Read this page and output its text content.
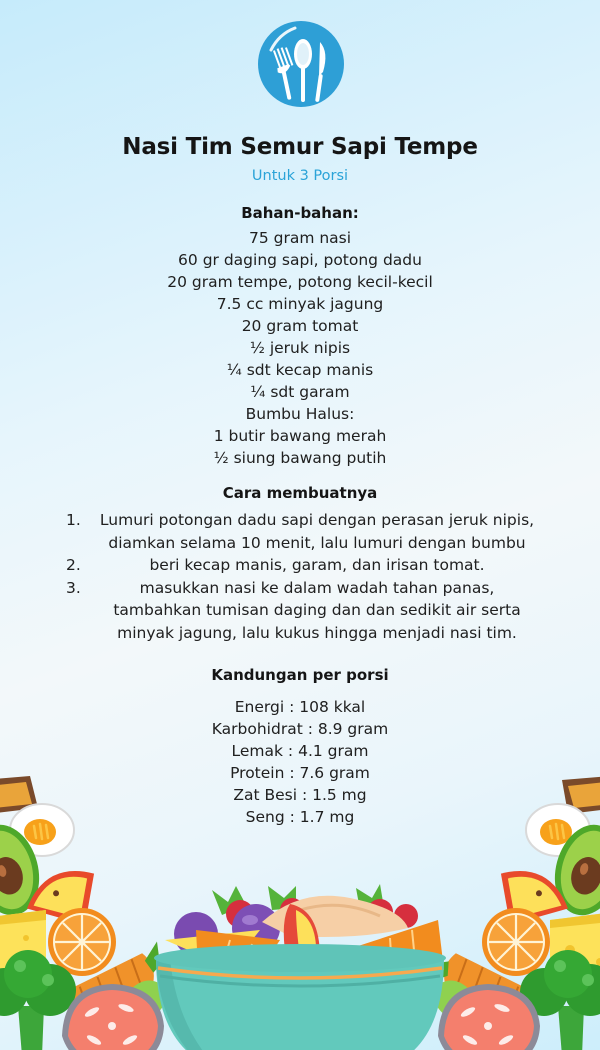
Nasi Tim Semur Sapi Tempe
Untuk 3 Porsi
Bahan-bahan:
75 gram nasi
60 gr daging sapi, potong dadu
20 gram tempe, potong kecil-kecil
7.5 cc minyak jagung
20 gram tomat
½ jeruk nipis
¼ sdt kecap manis
¼ sdt garam
Bumbu Halus:
1 butir bawang merah
½ siung bawang putih
Cara membuatnya
1.	Lumuri potongan dadu sapi dengan perasan jeruk nipis,
diamkan selama 10 menit, lalu lumuri dengan bumbu
2.	beri kecap manis, garam, dan irisan tomat.
3.	masukkan nasi ke dalam wadah tahan panas,
tambahkan tumisan daging dan dan sedikit air serta
minyak jagung, lalu kukus hingga menjadi nasi tim.
Kandungan per porsi
Energi : 108 kkal
Karbohidrat : 8.9 gram
Lemak : 4.1 gram
Protein : 7.6 gram
Zat Besi : 1.5 mg
Seng : 1.7 mg
